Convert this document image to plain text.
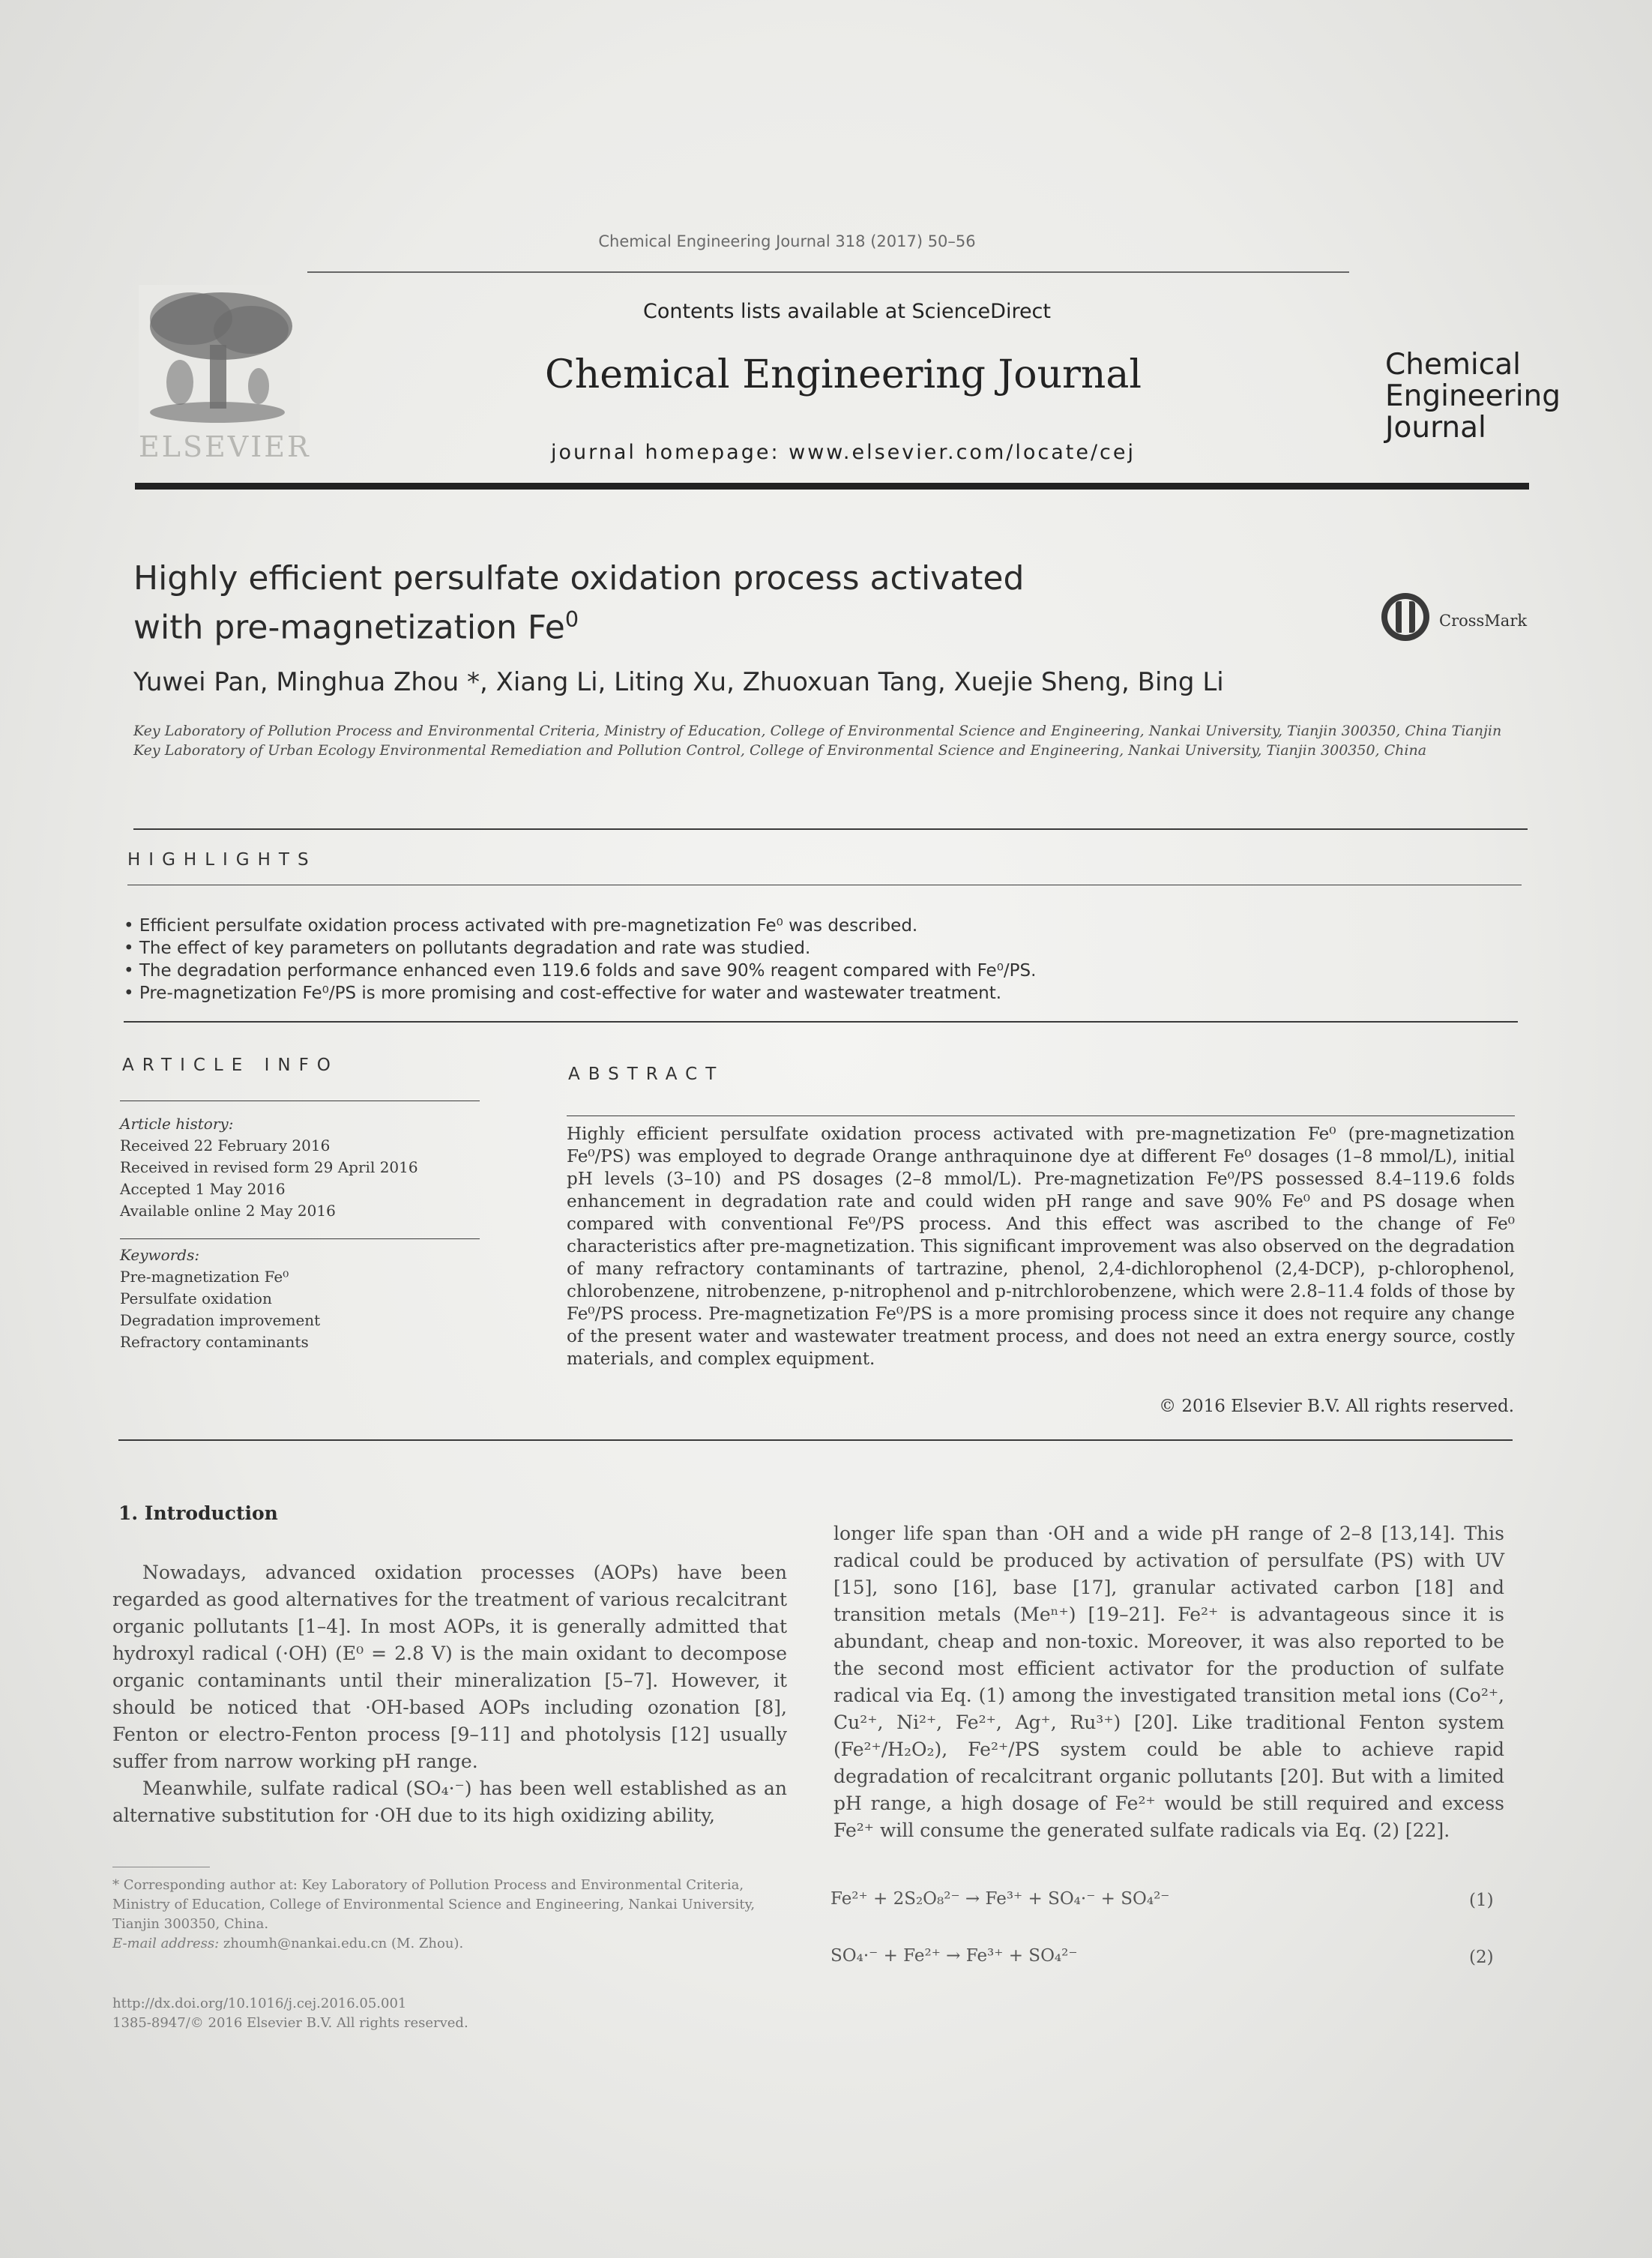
Chemical Engineering Journal 318 (2017) 50–56
ELSEVIER
Contents lists available at ScienceDirect
Chemical Engineering Journal
journal homepage: www.elsevier.com/locate/cej
Chemical
Engineering
Journal
Highly efficient persulfate oxidation process activated
with pre-magnetization Fe$^0$	CrossMark
Yuwei Pan, Minghua Zhou *, Xiang Li, Liting Xu, Zhuoxuan Tang, Xuejie Sheng, Bing Li
Key Laboratory of Pollution Process and Environmental Criteria, Ministry of Education, College of Environmental Science and Engineering, Nankai University, Tianjin 300350, China Tianjin Key Laboratory of Urban Ecology Environmental Remediation and Pollution Control, College of Environmental Science and Engineering, Nankai University, Tianjin 300350, China
HIGHLIGHTS
• Efficient persulfate oxidation process activated with pre-magnetization Fe⁰ was described.
• The effect of key parameters on pollutants degradation and rate was studied.
• The degradation performance enhanced even 119.6 folds and save 90% reagent compared with Fe⁰/PS.
• Pre-magnetization Fe⁰/PS is more promising and cost-effective for water and wastewater treatment.
ARTICLE INFO
Article history:
Received 22 February 2016
Received in revised form 29 April 2016
Accepted 1 May 2016
Available online 2 May 2016
Keywords:
Pre-magnetization Fe⁰
Persulfate oxidation
Degradation improvement
Refractory contaminants
ABSTRACT
Highly efficient persulfate oxidation process activated with pre-magnetization Fe⁰ (pre-magnetization Fe⁰/PS) was employed to degrade Orange anthraquinone dye at different Fe⁰ dosages (1–8 mmol/L), initial pH levels (3–10) and PS dosages (2–8 mmol/L). Pre-magnetization Fe⁰/PS possessed 8.4–119.6 folds enhancement in degradation rate and could widen pH range and save 90% Fe⁰ and PS dosage when compared with conventional Fe⁰/PS process. And this effect was ascribed to the change of Fe⁰ characteristics after pre-magnetization. This significant improvement was also observed on the degradation of many refractory contaminants of tartrazine, phenol, 2,4-dichlorophenol (2,4-DCP), p-chlorophenol, chlorobenzene, nitrobenzene, p-nitrophenol and p-nitrchlorobenzene, which were 2.8–11.4 folds of those by Fe⁰/PS process. Pre-magnetization Fe⁰/PS is a more promising process since it does not require any change of the present water and wastewater treatment process, and does not need an extra energy source, costly materials, and complex equipment.
© 2016 Elsevier B.V. All rights reserved.
1. Introduction

Nowadays, advanced oxidation processes (AOPs) have been regarded as good alternatives for the treatment of various recalcitrant organic pollutants [1–4]. In most AOPs, it is generally admitted that hydroxyl radical (·OH) (E⁰ = 2.8 V) is the main oxidant to decompose organic contaminants until their mineralization [5–7]. However, it should be noticed that ·OH-based AOPs including ozonation [8], Fenton or electro-Fenton process [9–11] and photolysis [12] usually suffer from narrow working pH range.

Meanwhile, sulfate radical (SO₄·⁻) has been well established as an alternative substitution for ·OH due to its high oxidizing ability,

longer life span than ·OH and a wide pH range of 2–8 [13,14]. This radical could be produced by activation of persulfate (PS) with UV [15], sono [16], base [17], granular activated carbon [18] and transition metals (Meⁿ⁺) [19–21]. Fe²⁺ is advantageous since it is abundant, cheap and non-toxic. Moreover, it was also reported to be the second most efficient activator for the production of sulfate radical via Eq. (1) among the investigated transition metal ions (Co²⁺, Cu²⁺, Ni²⁺, Fe²⁺, Ag⁺, Ru³⁺) [20]. Like traditional Fenton system (Fe²⁺/H₂O₂), Fe²⁺/PS system could be able to achieve rapid degradation of recalcitrant organic pollutants [20]. But with a limited pH range, a high dosage of Fe²⁺ would be still required and excess Fe²⁺ will consume the generated sulfate radicals via Eq. (2) [22].

Fe²⁺ + 2S₂O₈²⁻ → Fe³⁺ + SO₄·⁻ + SO₄²⁻	(1)
SO₄·⁻ + Fe²⁺ → Fe³⁺ + SO₄²⁻	(2)
* Corresponding author at: Key Laboratory of Pollution Process and Environmental Criteria, Ministry of Education, College of Environmental Science and Engineering, Nankai University, Tianjin 300350, China.
E-mail address: zhoumh@nankai.edu.cn (M. Zhou).
http://dx.doi.org/10.1016/j.cej.2016.05.001
1385-8947/© 2016 Elsevier B.V. All rights reserved.
